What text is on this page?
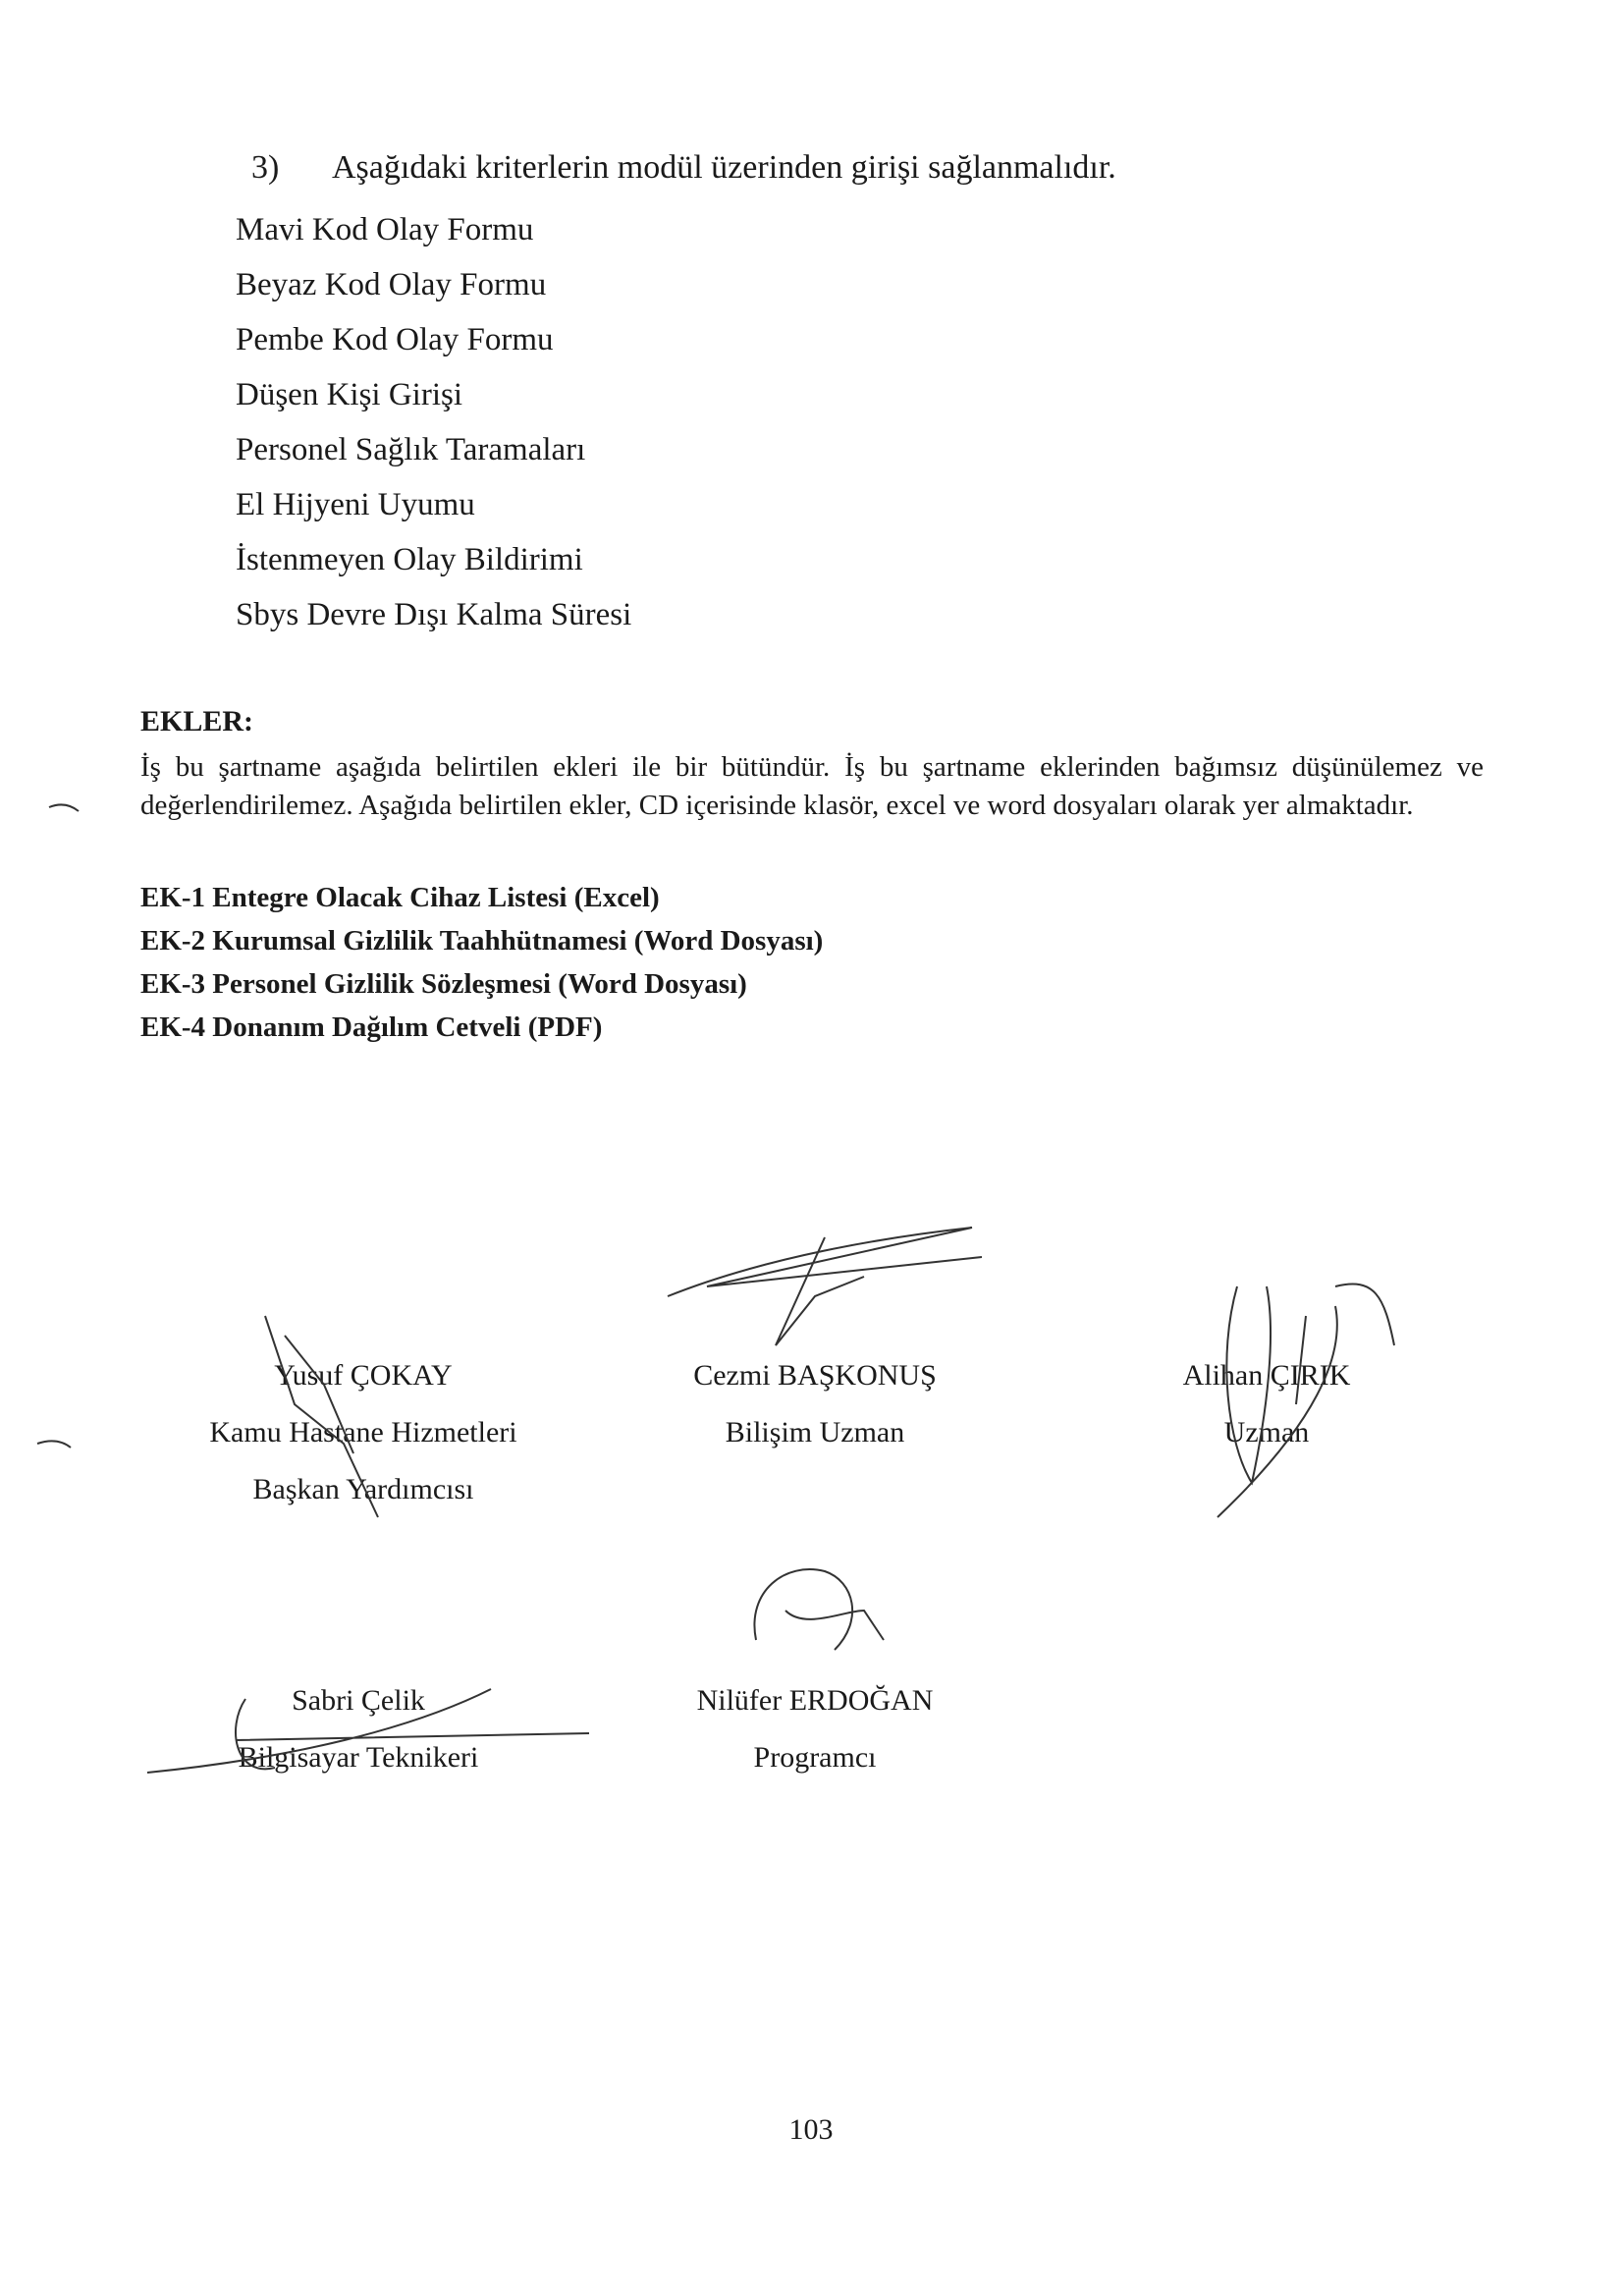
3) Aşağıdaki kriterlerin modül üzerinden girişi sağlanmalıdır.
Mavi Kod Olay Formu
Beyaz Kod Olay Formu
Pembe Kod Olay Formu
Düşen Kişi Girişi
Personel Sağlık Taramaları
El Hijyeni Uyumu
İstenmeyen Olay Bildirimi
Sbys Devre Dışı Kalma Süresi
EKLER:

İş bu şartname aşağıda belirtilen ekleri ile bir bütündür. İş bu şartname eklerinden bağımsız düşünülemez ve değerlendirilemez. Aşağıda belirtilen ekler, CD içerisinde klasör, excel ve word dosyaları olarak yer almaktadır.

EK-1 Entegre Olacak Cihaz Listesi (Excel)
EK-2 Kurumsal Gizlilik Taahhütnamesi (Word Dosyası)
EK-3 Personel Gizlilik Sözleşmesi (Word Dosyası)
EK-4 Donanım Dağılım Cetveli (PDF)
Yusuf ÇOKAY
Kamu Hastane Hizmetleri
Başkan Yardımcısı
Cezmi BAŞKONUŞ
Bilişim Uzman
Alihan ÇIRIK
Uzman
Sabri Çelik
Bilgisayar Teknikeri
Nilüfer ERDOĞAN
Programcı
103
